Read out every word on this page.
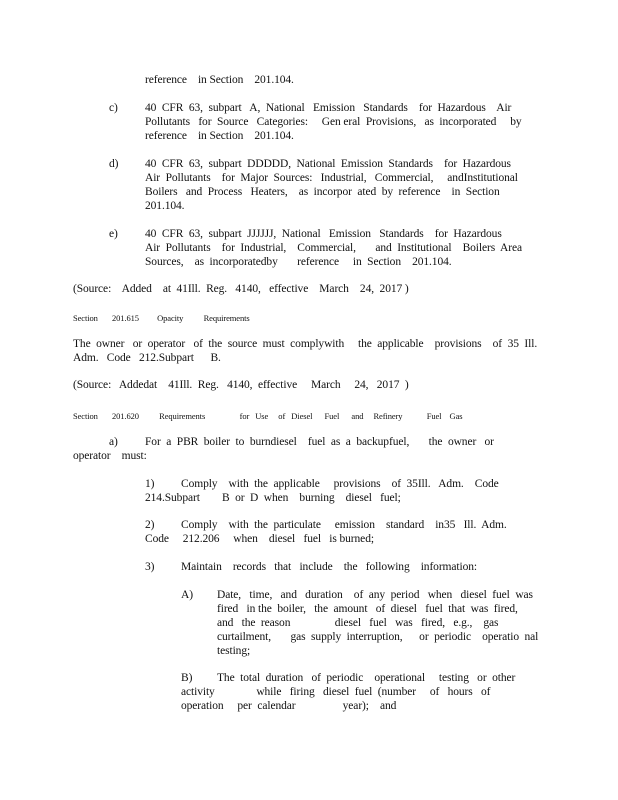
reference    in Section    201.104.
c) 40  CFR  63,  subpart   A,  National   Emission   Standards    for  Hazardous    Air
Pollutants   for  Source   Categories:     Gen eral  Provisions,   as  incorporated     by
reference    in Section    201.104.
d) 40  CFR  63,  subpart  DDDDD,  National  Emission  Standards    for  Hazardous
Air  Pollutants    for  Major  Sources:   Industrial,   Commercial,     andInstitutional
Boilers   and  Process   Heaters,    as  incorpor  ated  by  reference    in  Section
201.104.
e) 40  CFR  63,  subpart  JJJJJJ,  National   Emission   Standards    for  Hazardous
Air  Pollutants    for  Industrial,    Commercial,       and  Institutional    Boilers  Area
Sources,    as  incorporatedby       reference     in  Section    201.104.
(Source:    Added    at  41Ill.  Reg.   4140,   effective    March    24,  2017 )
Section       201.615         Opacity          Requirements
The  owner   or  operator   of  the  source  must  complywith     the  applicable    provisions    of  35  Ill.
Adm.   Code   212.Subpart      B.
(Source:   Addedat    41Ill.  Reg.   4140,  effective     March     24,   2017  )
Section       201.620          Requirements                 for   Use     of   Diesel      Fuel      and     Refinery            Fuel    Gas
a) For  a  PBR  boiler  to  burndiesel    fuel  as  a  backupfuel,       the  owner   or
operator    must:
1) Comply    with  the  applicable     provisions    of  35Ill.   Adm.    Code
214.Subpart        B  or  D  when    burning    diesel   fuel;
2) Comply    with  the  particulate     emission    standard    in35   Ill.  Adm.
Code     212.206     when    diesel   fuel   is burned;
3) Maintain    records   that   include    the   following    information:
A) Date,   time,   and   duration    of  any  period   when   diesel  fuel  was
fired   in the  boiler,   the  amount   of  diesel   fuel  that  was  fired,
and   the  reason                diesel   fuel   was   fired,   e.g.,    gas
curtailment,       gas  supply  interruption,      or  periodic    operatio  nal
testing;
B) The  total  duration   of  periodic    operational     testing   or  other
activity               while   firing   diesel  fuel  (number     of   hours   of
operation     per  calendar                 year);    and
